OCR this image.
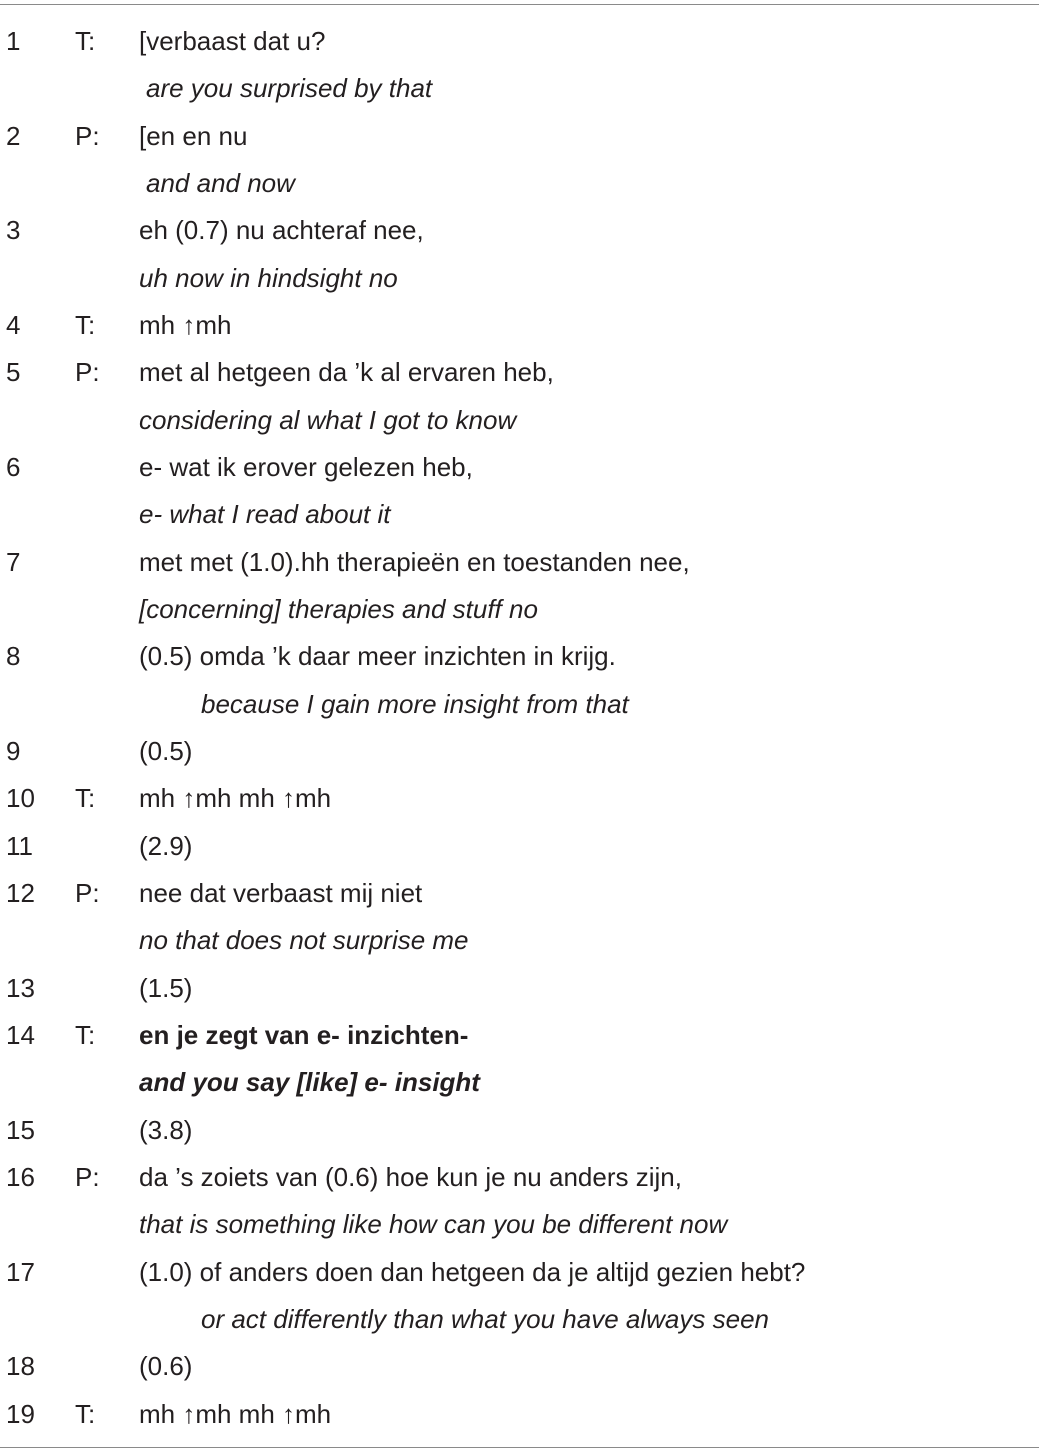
1 T: [verbaast dat u?
are you surprised by that
2 P: [en en nu
and and now
3	eh (0.7) nu achteraf nee,
uh now in hindsight no
4 T: mh ↑mh
5 P: met al hetgeen da ’k al ervaren heb,
considering al what I got to know
6	e- wat ik erover gelezen heb,
e- what I read about it
7	met met (1.0).hh therapieën en toestanden nee,
[concerning] therapies and stuff no
8	(0.5) omda ’k daar meer inzichten in krijg.
because I gain more insight from that
9	(0.5)
10 T: mh ↑mh mh ↑mh
11	(2.9)
12 P: nee dat verbaast mij niet
no that does not surprise me
13	(1.5)
14 T: en je zegt van e- inzichten-
and you say [like] e- insight
15	(3.8)
16 P: da ’s zoiets van (0.6) hoe kun je nu anders zijn,
that is something like how can you be different now
17	(1.0) of anders doen dan hetgeen da je altijd gezien hebt?
or act differently than what you have always seen
18	(0.6)
19 T: mh ↑mh mh ↑mh
